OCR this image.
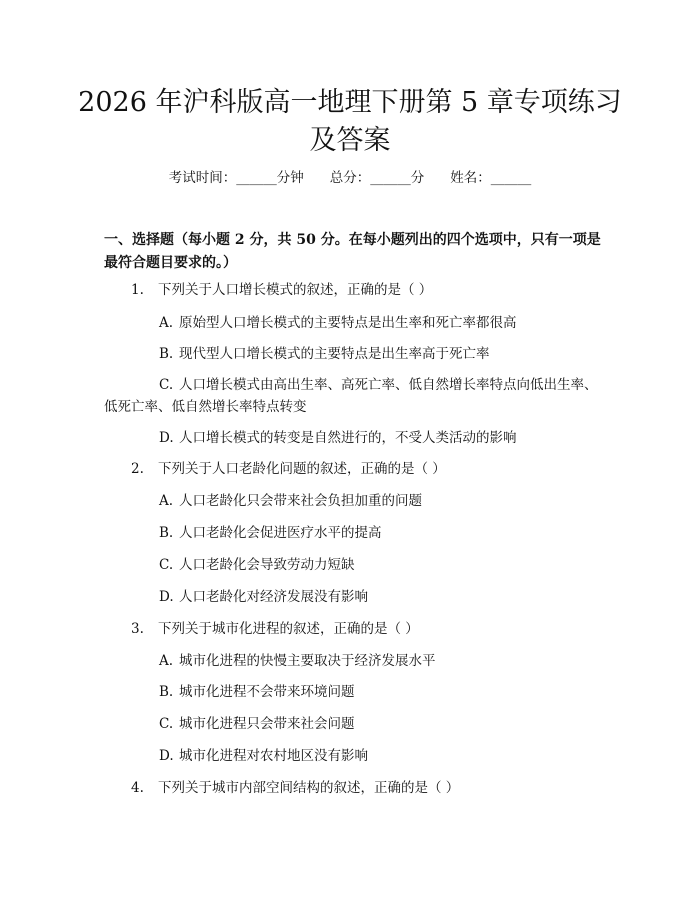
2026 年沪科版高一地理下册第 5 章专项练习
及答案
考试时间：______分钟 总分：______分 姓名：______
一、选择题（每小题 2 分，共 50 分。在每小题列出的四个选项中，只有一项是最符合题目要求的。）
1. 下列关于人口增长模式的叙述，正确的是（ ）
A. 原始型人口增长模式的主要特点是出生率和死亡率都很高
B. 现代型人口增长模式的主要特点是出生率高于死亡率
C. 人口增长模式由高出生率、高死亡率、低自然增长率特点向低出生率、低死亡率、低自然增长率特点转变
D. 人口增长模式的转变是自然进行的，不受人类活动的影响
2. 下列关于人口老龄化问题的叙述，正确的是（ ）
A. 人口老龄化只会带来社会负担加重的问题
B. 人口老龄化会促进医疗水平的提高
C. 人口老龄化会导致劳动力短缺
D. 人口老龄化对经济发展没有影响
3. 下列关于城市化进程的叙述，正确的是（ ）
A. 城市化进程的快慢主要取决于经济发展水平
B. 城市化进程不会带来环境问题
C. 城市化进程只会带来社会问题
D. 城市化进程对农村地区没有影响
4. 下列关于城市内部空间结构的叙述，正确的是（ ）
